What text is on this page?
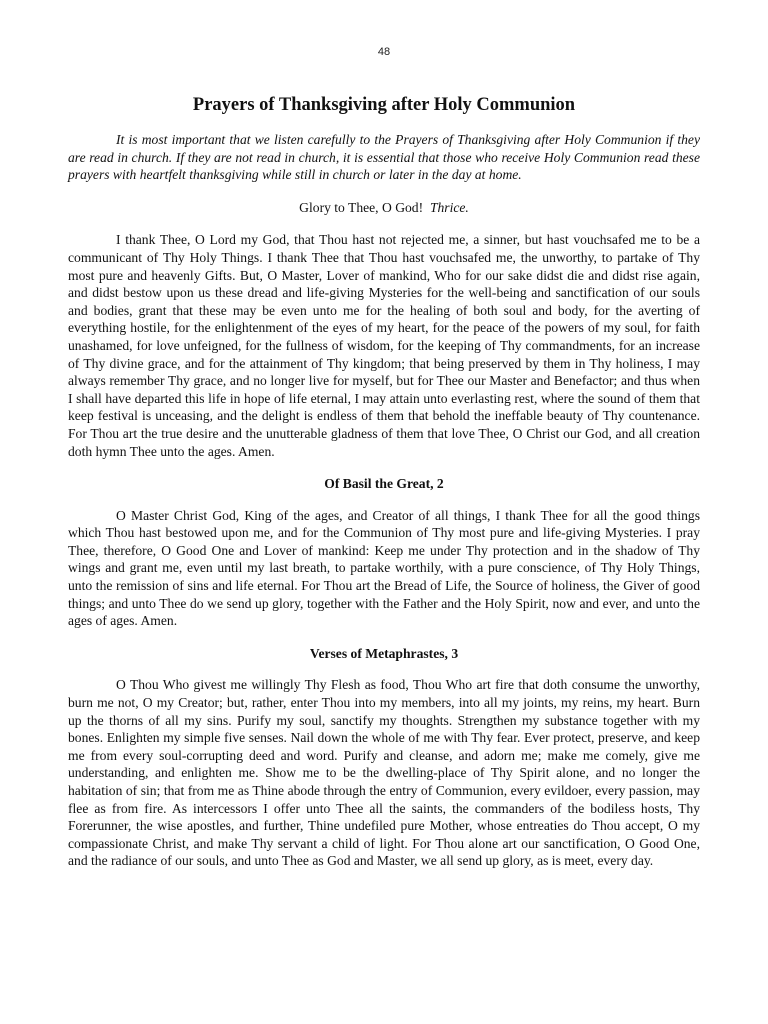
48
Prayers of Thanksgiving after Holy Communion

It is most important that we listen carefully to the Prayers of Thanksgiving after Holy Communion if they are read in church. If they are not read in church, it is essential that those who receive Holy Communion read these prayers with heartfelt thanksgiving while still in church or later in the day at home.

Glory to Thee, O God! Thrice.

I thank Thee, O Lord my God, that Thou hast not rejected me, a sinner, but hast vouchsafed me to be a communicant of Thy Holy Things. I thank Thee that Thou hast vouchsafed me, the unworthy, to partake of Thy most pure and heavenly Gifts. But, O Master, Lover of mankind, Who for our sake didst die and didst rise again, and didst bestow upon us these dread and life-giving Mysteries for the well-being and sanctification of our souls and bodies, grant that these may be even unto me for the healing of both soul and body, for the averting of everything hostile, for the enlightenment of the eyes of my heart, for the peace of the powers of my soul, for faith unashamed, for love unfeigned, for the fullness of wisdom, for the keeping of Thy commandments, for an increase of Thy divine grace, and for the attainment of Thy kingdom; that being preserved by them in Thy holiness, I may always remember Thy grace, and no longer live for myself, but for Thee our Master and Benefactor; and thus when I shall have departed this life in hope of life eternal, I may attain unto everlasting rest, where the sound of them that keep festival is unceasing, and the delight is endless of them that behold the ineffable beauty of Thy countenance. For Thou art the true desire and the unutterable gladness of them that love Thee, O Christ our God, and all creation doth hymn Thee unto the ages. Amen.

Of Basil the Great, 2

O Master Christ God, King of the ages, and Creator of all things, I thank Thee for all the good things which Thou hast bestowed upon me, and for the Communion of Thy most pure and life-giving Mysteries. I pray Thee, therefore, O Good One and Lover of mankind: Keep me under Thy protection and in the shadow of Thy wings and grant me, even until my last breath, to partake worthily, with a pure conscience, of Thy Holy Things, unto the remission of sins and life eternal. For Thou art the Bread of Life, the Source of holiness, the Giver of good things; and unto Thee do we send up glory, together with the Father and the Holy Spirit, now and ever, and unto the ages of ages. Amen.

Verses of Metaphrastes, 3

O Thou Who givest me willingly Thy Flesh as food, Thou Who art fire that doth consume the unworthy, burn me not, O my Creator; but, rather, enter Thou into my members, into all my joints, my reins, my heart. Burn up the thorns of all my sins. Purify my soul, sanctify my thoughts. Strengthen my substance together with my bones. Enlighten my simple five senses. Nail down the whole of me with Thy fear. Ever protect, preserve, and keep me from every soul-corrupting deed and word. Purify and cleanse, and adorn me; make me comely, give me understanding, and enlighten me. Show me to be the dwelling-place of Thy Spirit alone, and no longer the habitation of sin; that from me as Thine abode through the entry of Communion, every evildoer, every passion, may flee as from fire. As intercessors I offer unto Thee all the saints, the commanders of the bodiless hosts, Thy Forerunner, the wise apostles, and further, Thine undefiled pure Mother, whose entreaties do Thou accept, O my compassionate Christ, and make Thy servant a child of light. For Thou alone art our sanctification, O Good One, and the radiance of our souls, and unto Thee as God and Master, we all send up glory, as is meet, every day.
